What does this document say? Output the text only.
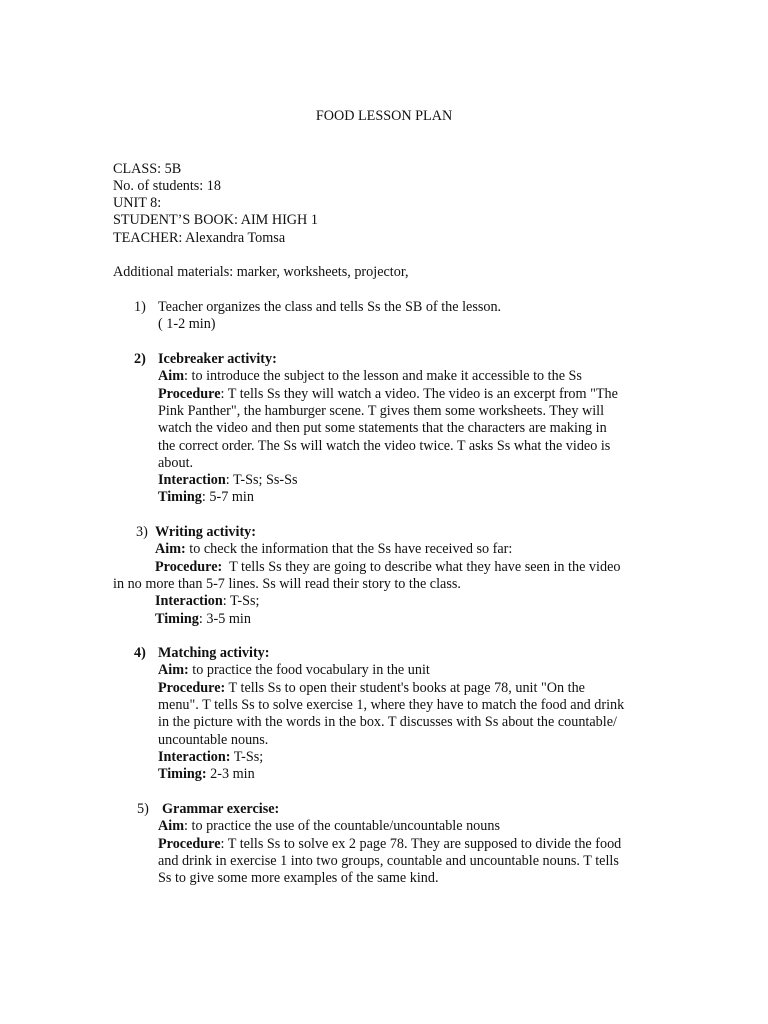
FOOD LESSON PLAN
CLASS: 5B
No. of students: 18
UNIT 8:
STUDENT’S BOOK: AIM HIGH 1
TEACHER: Alexandra Tomsa
Additional materials: marker, worksheets, projector,
1) Teacher organizes the class and tells Ss the SB of the lesson.
( 1-2 min)
2) Icebreaker activity:
Aim: to introduce the subject to the lesson and make it accessible to the Ss
Procedure: T tells Ss they will watch a video. The video is an excerpt from "The
Pink Panther", the hamburger scene. T gives them some worksheets. They will
watch the video and then put some statements that the characters are making in
the correct order. The Ss will watch the video twice. T asks Ss what the video is
about.
Interaction: T-Ss; Ss-Ss
Timing: 5-7 min
3) Writing activity:
Aim: to check the information that the Ss have received so far:
Procedure:  T tells Ss they are going to describe what they have seen in the video
in no more than 5-7 lines. Ss will read their story to the class.
Interaction: T-Ss;
Timing: 3-5 min
4) Matching activity:
Aim: to practice the food vocabulary in the unit
Procedure: T tells Ss to open their student's books at page 78, unit "On the
menu". T tells Ss to solve exercise 1, where they have to match the food and drink
in the picture with the words in the box. T discusses with Ss about the countable/
uncountable nouns.
Interaction: T-Ss;
Timing: 2-3 min
5) Grammar exercise:
Aim: to practice the use of the countable/uncountable nouns
Procedure: T tells Ss to solve ex 2 page 78. They are supposed to divide the food
and drink in exercise 1 into two groups, countable and uncountable nouns. T tells
Ss to give some more examples of the same kind.
